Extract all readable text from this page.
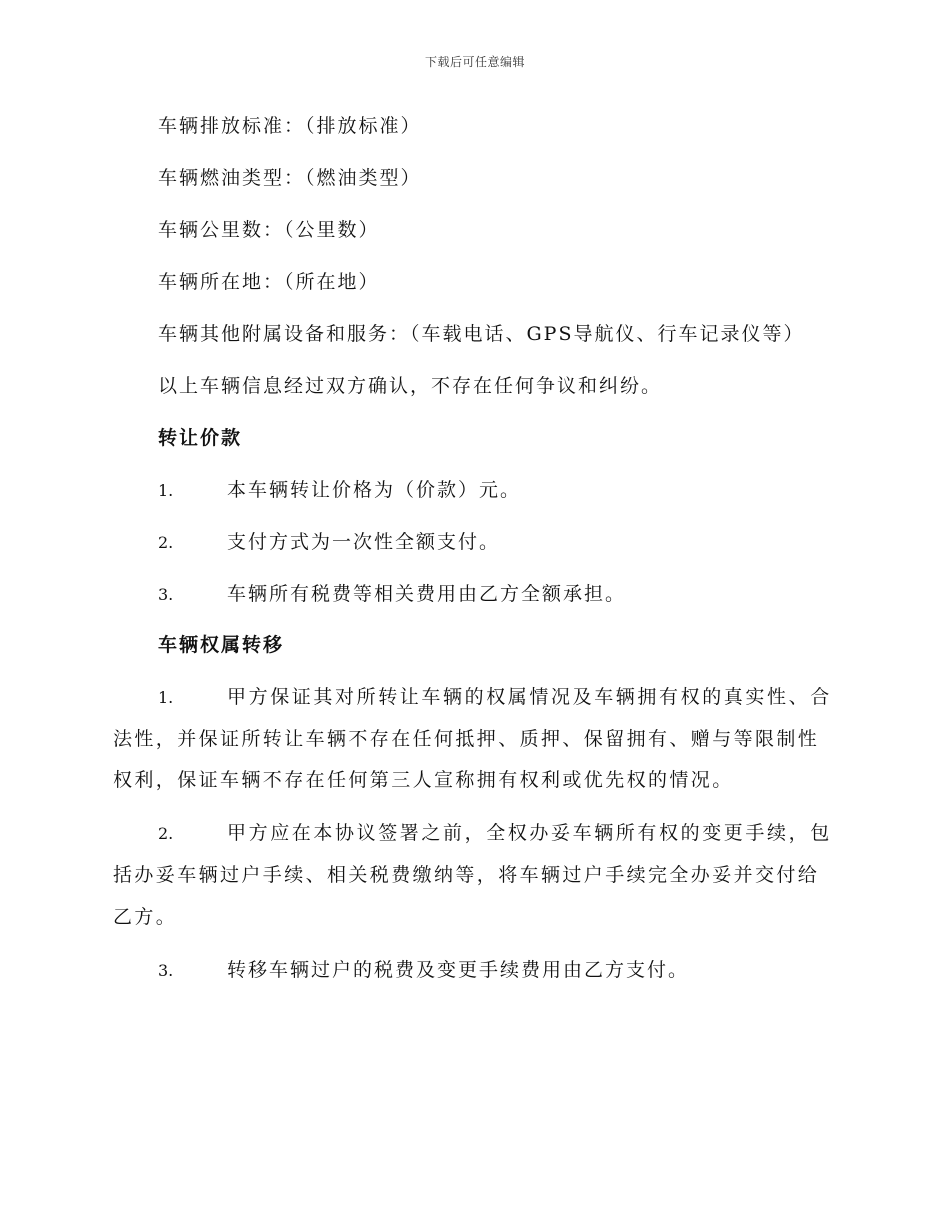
下载后可任意编辑
车辆排放标准：（排放标准）
车辆燃油类型：（燃油类型）
车辆公里数：（公里数）
车辆所在地：（所在地）
车辆其他附属设备和服务：（车载电话、GPS导航仪、行车记录仪等）
以上车辆信息经过双方确认，不存在任何争议和纠纷。
转让价款
1.	本车辆转让价格为（价款）元。
2.	支付方式为一次性全额支付。
3.	车辆所有税费等相关费用由乙方全额承担。
车辆权属转移
1.	甲方保证其对所转让车辆的权属情况及车辆拥有权的真实性、合
法性，并保证所转让车辆不存在任何抵押、质押、保留拥有、赠与等限制性
权利，保证车辆不存在任何第三人宣称拥有权利或优先权的情况。
2.	甲方应在本协议签署之前，全权办妥车辆所有权的变更手续，包
括办妥车辆过户手续、相关税费缴纳等，将车辆过户手续完全办妥并交付给
乙方。
3.	转移车辆过户的税费及变更手续费用由乙方支付。
